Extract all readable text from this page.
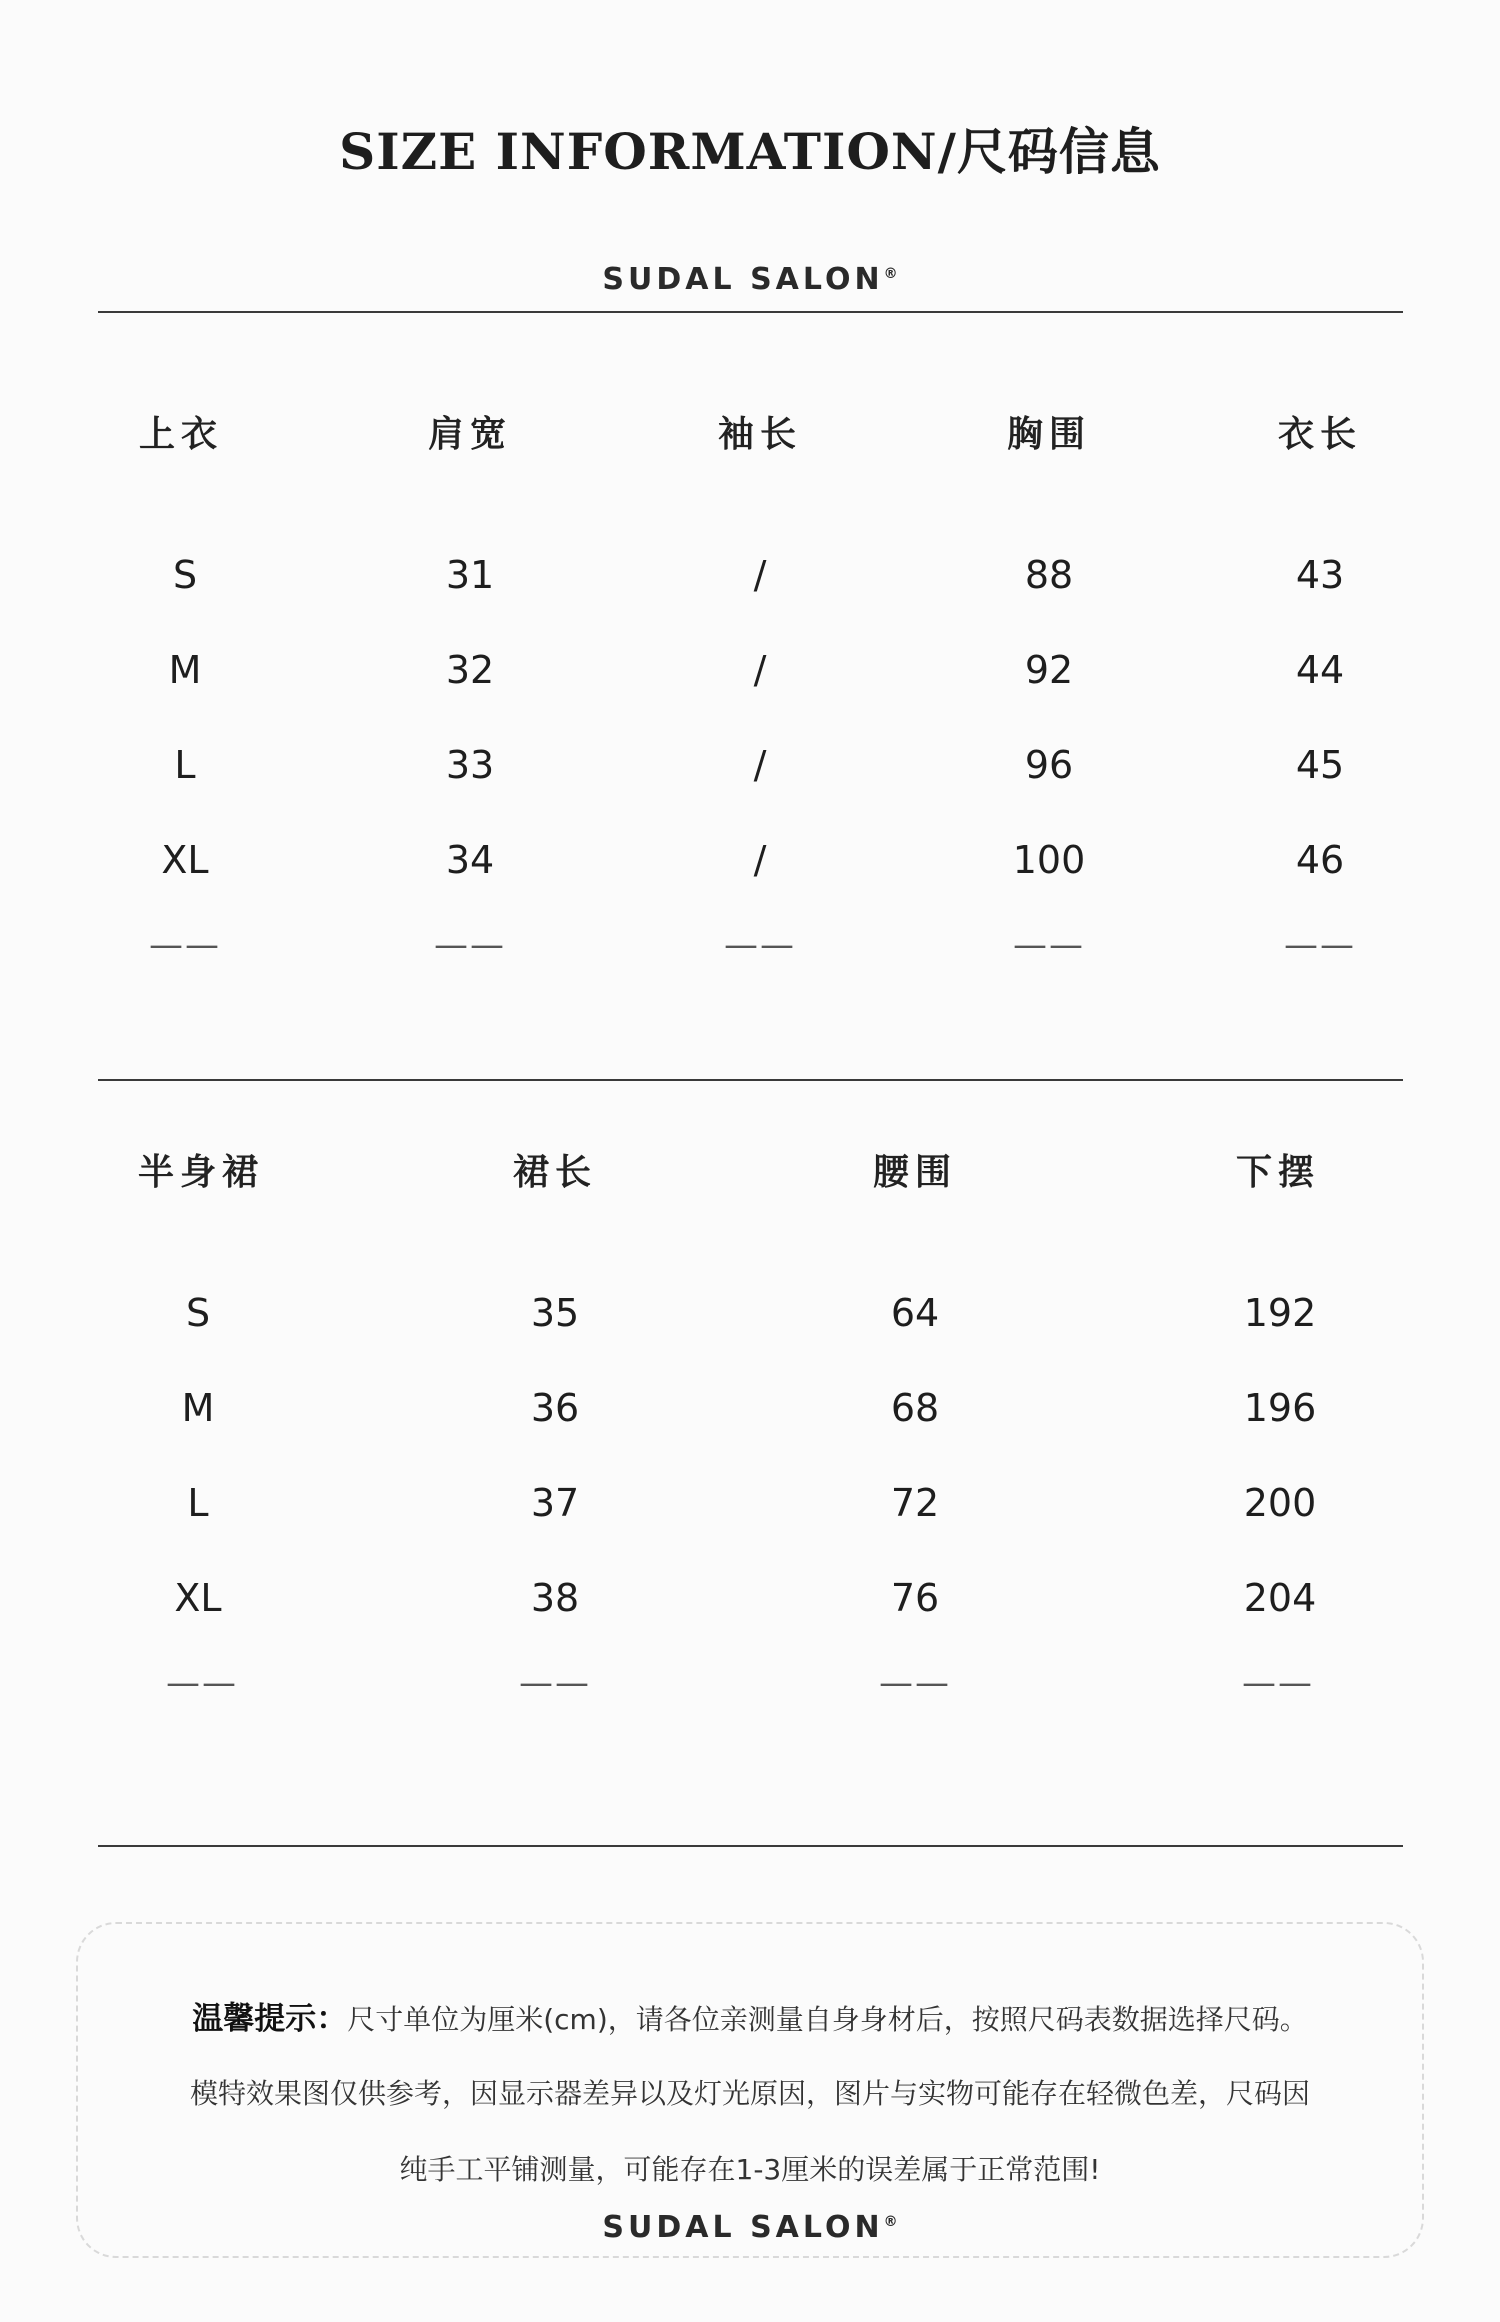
SIZE INFORMATION/尺码信息
SUDAL SALON®
上衣	肩宽	袖长	胸围	衣长
S	31	/	88	43
M	32	/	92	44
L	33	/	96	45
XL	34	/	100	46
——	——	——	——	——
半身裙	裙长	腰围	下摆
S	35	64	192
M	36	68	196
L	37	72	200
XL	38	76	204
——	——	——	——
温馨提示：尺寸单位为厘米(cm)，请各位亲测量自身身材后，按照尺码表数据选择尺码。
模特效果图仅供参考，因显示器差异以及灯光原因，图片与实物可能存在轻微色差，尺码因
纯手工平铺测量，可能存在1-3厘米的误差属于正常范围!
SUDAL SALON®
